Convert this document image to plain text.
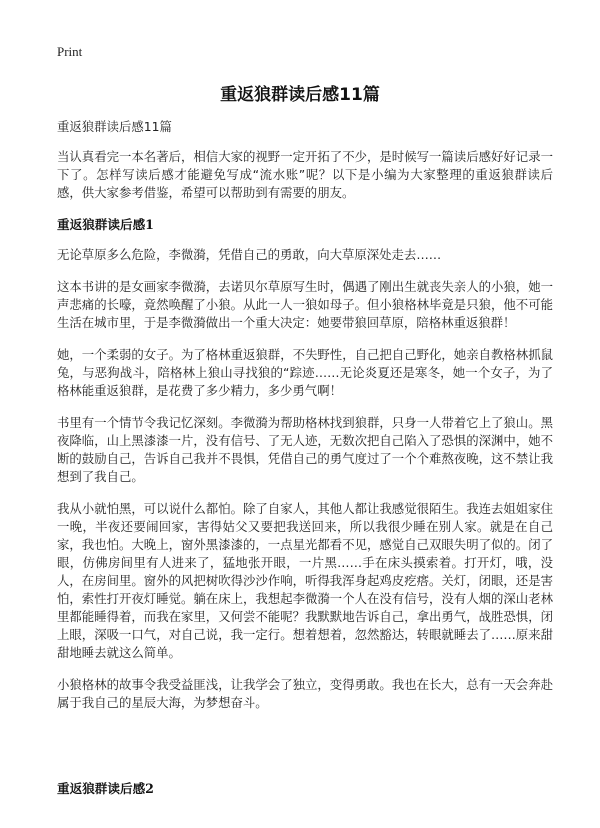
Print
重返狼群读后感11篇

重返狼群读后感11篇

当认真看完一本名著后，相信大家的视野一定开拓了不少，是时候写一篇读后感好好记录一下了。怎样写读后感才能避免写成“流水账”呢？以下是小编为大家整理的重返狼群读后感，供大家参考借鉴，希望可以帮助到有需要的朋友。

重返狼群读后感1

无论草原多么危险，李微漪，凭借自己的勇敢，向大草原深处走去……

这本书讲的是女画家李微漪，去诺贝尔草原写生时，偶遇了刚出生就丧失亲人的小狼，她一声悲痛的长嚎，竟然唤醒了小狼。从此一人一狼如母子。但小狼格林毕竟是只狼，他不可能生活在城市里，于是李微漪做出一个重大决定：她要带狼回草原，陪格林重返狼群！

她，一个柔弱的女子。为了格林重返狼群，不失野性，自己把自己野化，她亲自教格林抓鼠兔，与恶狗战斗，陪格林上狼山寻找狼的“踪迹……无论炎夏还是寒冬，她一个女子，为了格林能重返狼群，是花费了多少精力，多少勇气啊！

书里有一个情节令我记忆深刻。李微漪为帮助格林找到狼群，只身一人带着它上了狼山。黑夜降临，山上黑漆漆一片，没有信号、了无人迹，无数次把自己陷入了恐惧的深渊中，她不断的鼓励自己，告诉自己我并不畏惧，凭借自己的勇气度过了一个个难熬夜晚，这不禁让我想到了我自己。

我从小就怕黑，可以说什么都怕。除了自家人，其他人都让我感觉很陌生。我连去姐姐家住一晚，半夜还要闹回家，害得姑父又要把我送回来，所以我很少睡在别人家。就是在自己家，我也怕。大晚上，窗外黑漆漆的，一点星光都看不见，感觉自己双眼失明了似的。闭了眼，仿佛房间里有人进来了，猛地张开眼，一片黑……手在床头摸索着。打开灯，哦，没人，在房间里。窗外的风把树吹得沙沙作响，听得我浑身起鸡皮疙瘩。关灯，闭眼，还是害怕，索性打开夜灯睡觉。躺在床上，我想起李微漪一个人在没有信号，没有人烟的深山老林里都能睡得着，而我在家里，又何尝不能呢？我默默地告诉自己，拿出勇气，战胜恐惧，闭上眼，深吸一口气，对自己说，我一定行。想着想着，忽然豁达，转眼就睡去了……原来甜甜地睡去就这么简单。

小狼格林的故事令我受益匪浅，让我学会了独立，变得勇敢。我也在长大，总有一天会奔赴属于我自己的星辰大海，为梦想奋斗。

重返狼群读后感2
